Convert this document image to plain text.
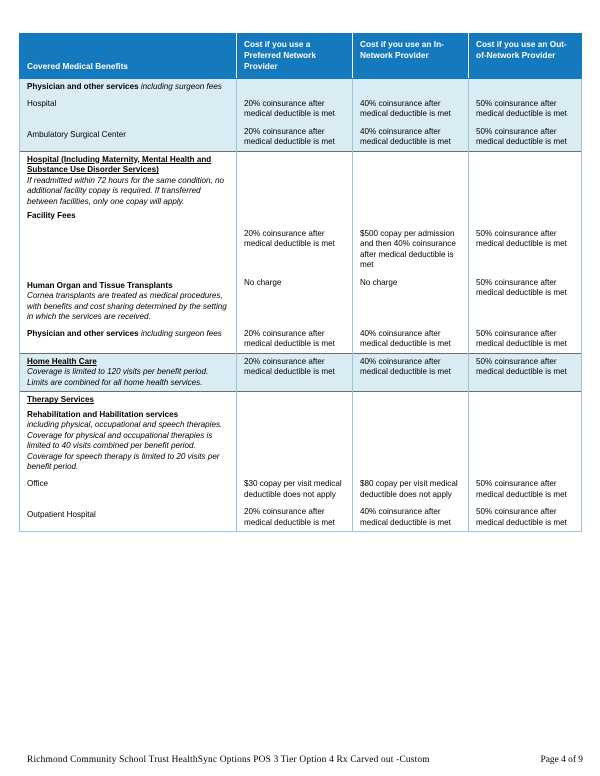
Covered Medical Benefits	Cost if you use a Preferred Network Provider	Cost if you use an In-Network Provider	Cost if you use an Out-of-Network Provider
Physician and other services including surgeon fees			
Hospital	20% coinsurance after medical deductible is met	40% coinsurance after medical deductible is met	50% coinsurance after medical deductible is met

Ambulatory Surgical Center	20% coinsurance after medical deductible is met	40% coinsurance after medical deductible is met	50% coinsurance after medical deductible is met

Hospital (Including Maternity, Mental Health and Substance Use Disorder Services)
If readmitted within 72 hours for the same condition, no additional facility copay is required. If transferred between facilities, only one copay will apply.
Facility Fees	20% coinsurance after medical deductible is met	$500 copay per admission and then 40% coinsurance after medical deductible is met	50% coinsurance after medical deductible is met

Human Organ and Tissue Transplants
Cornea transplants are treated as medical procedures, with benefits and cost sharing determined by the setting in which the services are received.	No charge	No charge	50% coinsurance after medical deductible is met
Physician and other services including surgeon fees	20% coinsurance after medical deductible is met	40% coinsurance after medical deductible is met	50% coinsurance after medical deductible is met

Home Health Care
Coverage is limited to 120 visits per benefit period. Limits are combined for all home health services.	20% coinsurance after medical deductible is met	40% coinsurance after medical deductible is met	50% coinsurance after medical deductible is met

Therapy Services
Rehabilitation and Habilitation services
including physical, occupational and speech therapies.
Coverage for physical and occupational therapies is limited to 40 visits combined per benefit period. Coverage for speech therapy is limited to 20 visits per benefit period.			

Office	$30 copay per visit medical deductible does not apply	$80 copay per visit medical deductible does not apply	50% coinsurance after medical deductible is met

Outpatient Hospital	20% coinsurance after medical deductible is met	40% coinsurance after medical deductible is met	50% coinsurance after medical deductible is met
Page 4 of 9
Richmond Community School Trust HealthSync Options POS 3 Tier Option 4 Rx Carved out -Custom
